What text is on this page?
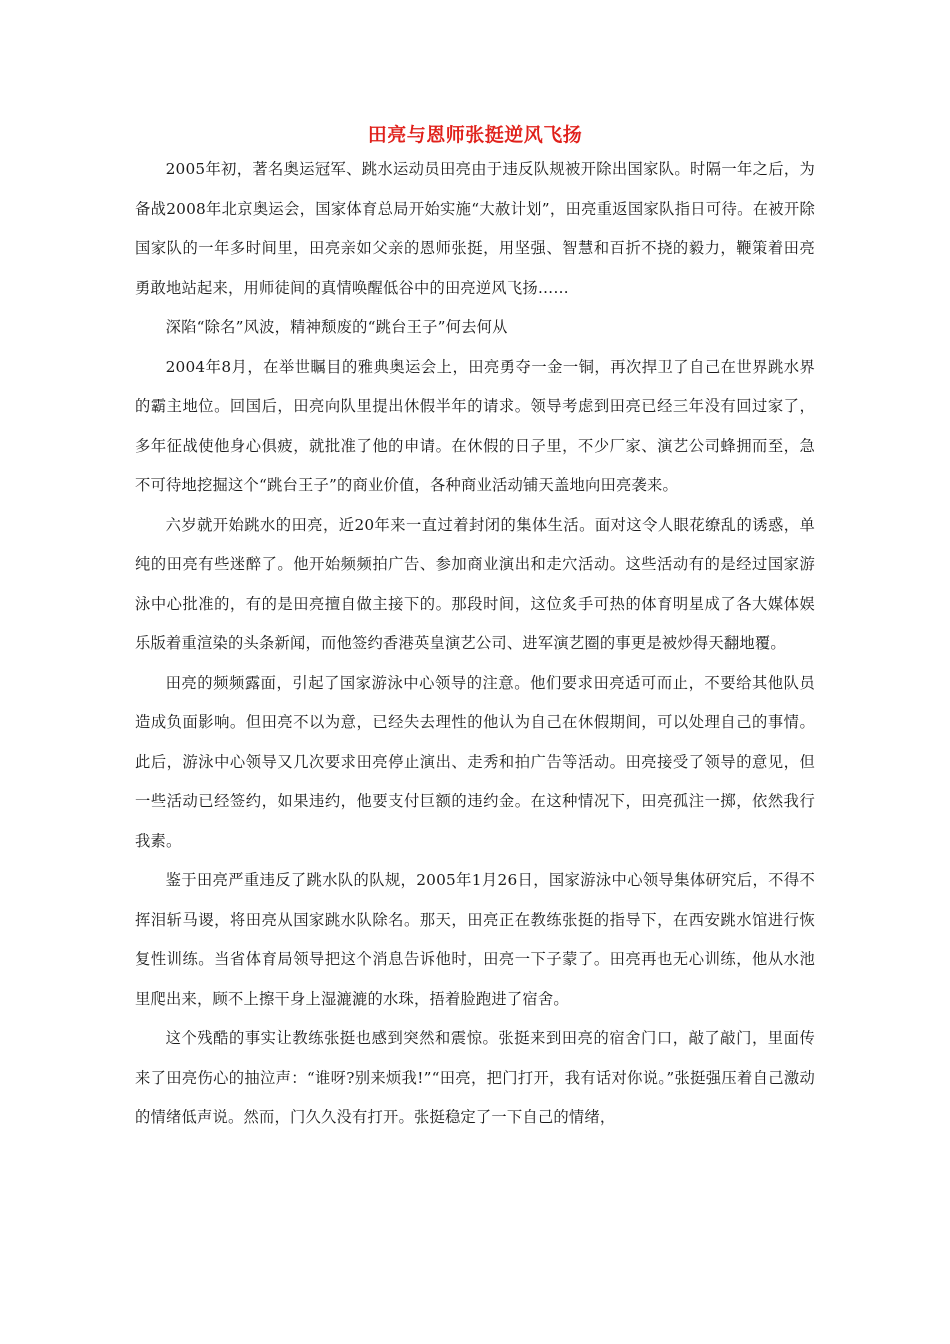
田亮与恩师张挺逆风飞扬

2005年初，著名奥运冠军、跳水运动员田亮由于违反队规被开除出国家队。时隔一年之后，为备战2008年北京奥运会，国家体育总局开始实施“大赦计划”，田亮重返国家队指日可待。在被开除国家队的一年多时间里，田亮亲如父亲的恩师张挺，用坚强、智慧和百折不挠的毅力，鞭策着田亮勇敢地站起来，用师徒间的真情唤醒低谷中的田亮逆风飞扬……

深陷“除名”风波，精神颓废的“跳台王子”何去何从

2004年8月，在举世瞩目的雅典奥运会上，田亮勇夺一金一铜，再次捍卫了自己在世界跳水界的霸主地位。回国后，田亮向队里提出休假半年的请求。领导考虑到田亮已经三年没有回过家了，多年征战使他身心俱疲，就批准了他的申请。在休假的日子里，不少厂家、演艺公司蜂拥而至，急不可待地挖掘这个“跳台王子”的商业价值，各种商业活动铺天盖地向田亮袭来。

六岁就开始跳水的田亮，近20年来一直过着封闭的集体生活。面对这令人眼花缭乱的诱惑，单纯的田亮有些迷醉了。他开始频频拍广告、参加商业演出和走穴活动。这些活动有的是经过国家游泳中心批准的，有的是田亮擅自做主接下的。那段时间，这位炙手可热的体育明星成了各大媒体娱乐版着重渲染的头条新闻，而他签约香港英皇演艺公司、进军演艺圈的事更是被炒得天翻地覆。

田亮的频频露面，引起了国家游泳中心领导的注意。他们要求田亮适可而止，不要给其他队员造成负面影响。但田亮不以为意，已经失去理性的他认为自己在休假期间，可以处理自己的事情。此后，游泳中心领导又几次要求田亮停止演出、走秀和拍广告等活动。田亮接受了领导的意见，但一些活动已经签约，如果违约，他要支付巨额的违约金。在这种情况下，田亮孤注一掷，依然我行我素。

鉴于田亮严重违反了跳水队的队规，2005年1月26日，国家游泳中心领导集体研究后，不得不挥泪斩马谡，将田亮从国家跳水队除名。那天，田亮正在教练张挺的指导下，在西安跳水馆进行恢复性训练。当省体育局领导把这个消息告诉他时，田亮一下子蒙了。田亮再也无心训练，他从水池里爬出来，顾不上擦干身上湿漉漉的水珠，捂着脸跑进了宿舍。

这个残酷的事实让教练张挺也感到突然和震惊。张挺来到田亮的宿舍门口，敲了敲门，里面传来了田亮伤心的抽泣声：“谁呀?别来烦我!”“田亮，把门打开，我有话对你说。”张挺强压着自己激动的情绪低声说。然而，门久久没有打开。张挺稳定了一下自己的情绪，
